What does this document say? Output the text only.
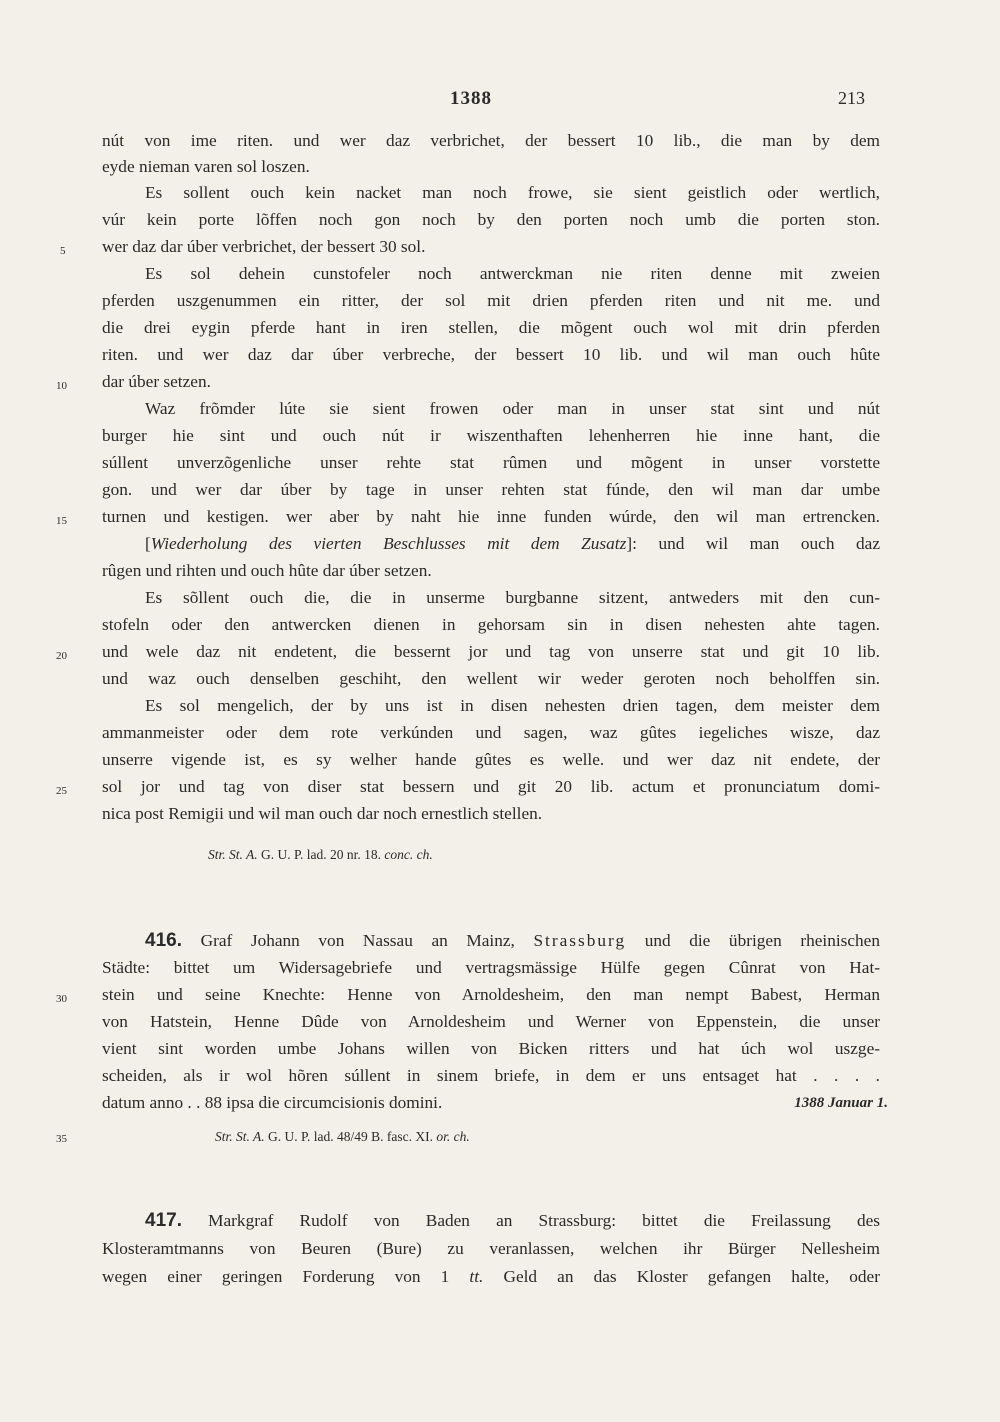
1388	213
nút von ime riten. und wer daz verbrichet, der bessert 10 lib., die man by dem
eyde nieman varen sol loszen.
Es sollent ouch kein nacket man noch frowe, sie sient geistlich oder wertlich,
vúr kein porte lõffen noch gon noch by den porten noch umb die porten ston.
wer daz dar úber verbrichet, der bessert 30 sol.
Es sol dehein cunstofeler noch antwerckman nie riten denne mit zweien
pferden uszgenummen ein ritter, der sol mit drien pferden riten und nit me. und
die drei eygin pferde hant in iren stellen, die mõgent ouch wol mit drin pferden
riten. und wer daz dar úber verbreche, der bessert 10 lib. und wil man ouch hûte
dar úber setzen.
Waz frõmder lúte sie sient frowen oder man in unser stat sint und nút
burger hie sint und ouch nút ir wiszenthaften lehenherren hie inne hant, die
súllent unverzõgenliche unser rehte stat rûmen und mõgent in unser vorstette
gon. und wer dar úber by tage in unser rehten stat fúnde, den wil man dar umbe
turnen und kestigen. wer aber by naht hie inne funden wúrde, den wil man ertrencken.
[Wiederholung des vierten Beschlusses mit dem Zusatz]: und wil man ouch daz
rûgen und rihten und ouch hûte dar úber setzen.
Es sõllent ouch die, die in unserme burgbanne sitzent, antweders mit den cun-
stofeln oder den antwercken dienen in gehorsam sin in disen nehesten ahte tagen.
und wele daz nit endetent, die bessernt jor und tag von unserre stat und git 10 lib.
und waz ouch denselben geschiht, den wellent wir weder geroten noch beholffen sin.
Es sol mengelich, der by uns ist in disen nehesten drien tagen, dem meister dem
ammanmeister oder dem rote verkúnden und sagen, waz gûtes iegeliches wisze, daz
unserre vigende ist, es sy welher hande gûtes es welle. und wer daz nit endete, der
sol jor und tag von diser stat bessern und git 20 lib. actum et pronunciatum domi-
nica post Remigii und wil man ouch dar noch ernestlich stellen.
Str. St. A. G. U. P. lad. 20 nr. 18. conc. ch.
416. Graf Johann von Nassau an Mainz, Strassburg und die übrigen rheinischen
Städte: bittet um Widersagebriefe und vertragsmässige Hülfe gegen Cûnrat von Hat-
stein und seine Knechte: Henne von Arnoldesheim, den man nempt Babest, Herman
von Hatstein, Henne Dûde von Arnoldesheim und Werner von Eppenstein, die unser
vient sint worden umbe Johans willen von Bicken ritters und hat úch wol uszge-
scheiden, als ir wol hõren súllent in sinem briefe, in dem er uns entsaget hat . . . .
datum anno . . 88 ipsa die circumcisionis domini.	1388 Januar 1.
Str. St. A. G. U. P. lad. 48/49 B. fasc. XI. or. ch.
417. Markgraf Rudolf von Baden an Strassburg: bittet die Freilassung des
Klosteramtmanns von Beuren (Bure) zu veranlassen, welchen ihr Bürger Nellesheim
wegen einer geringen Forderung von 1 tt. Geld an das Kloster gefangen halte, oder
5
10
15
20
25
30
35
